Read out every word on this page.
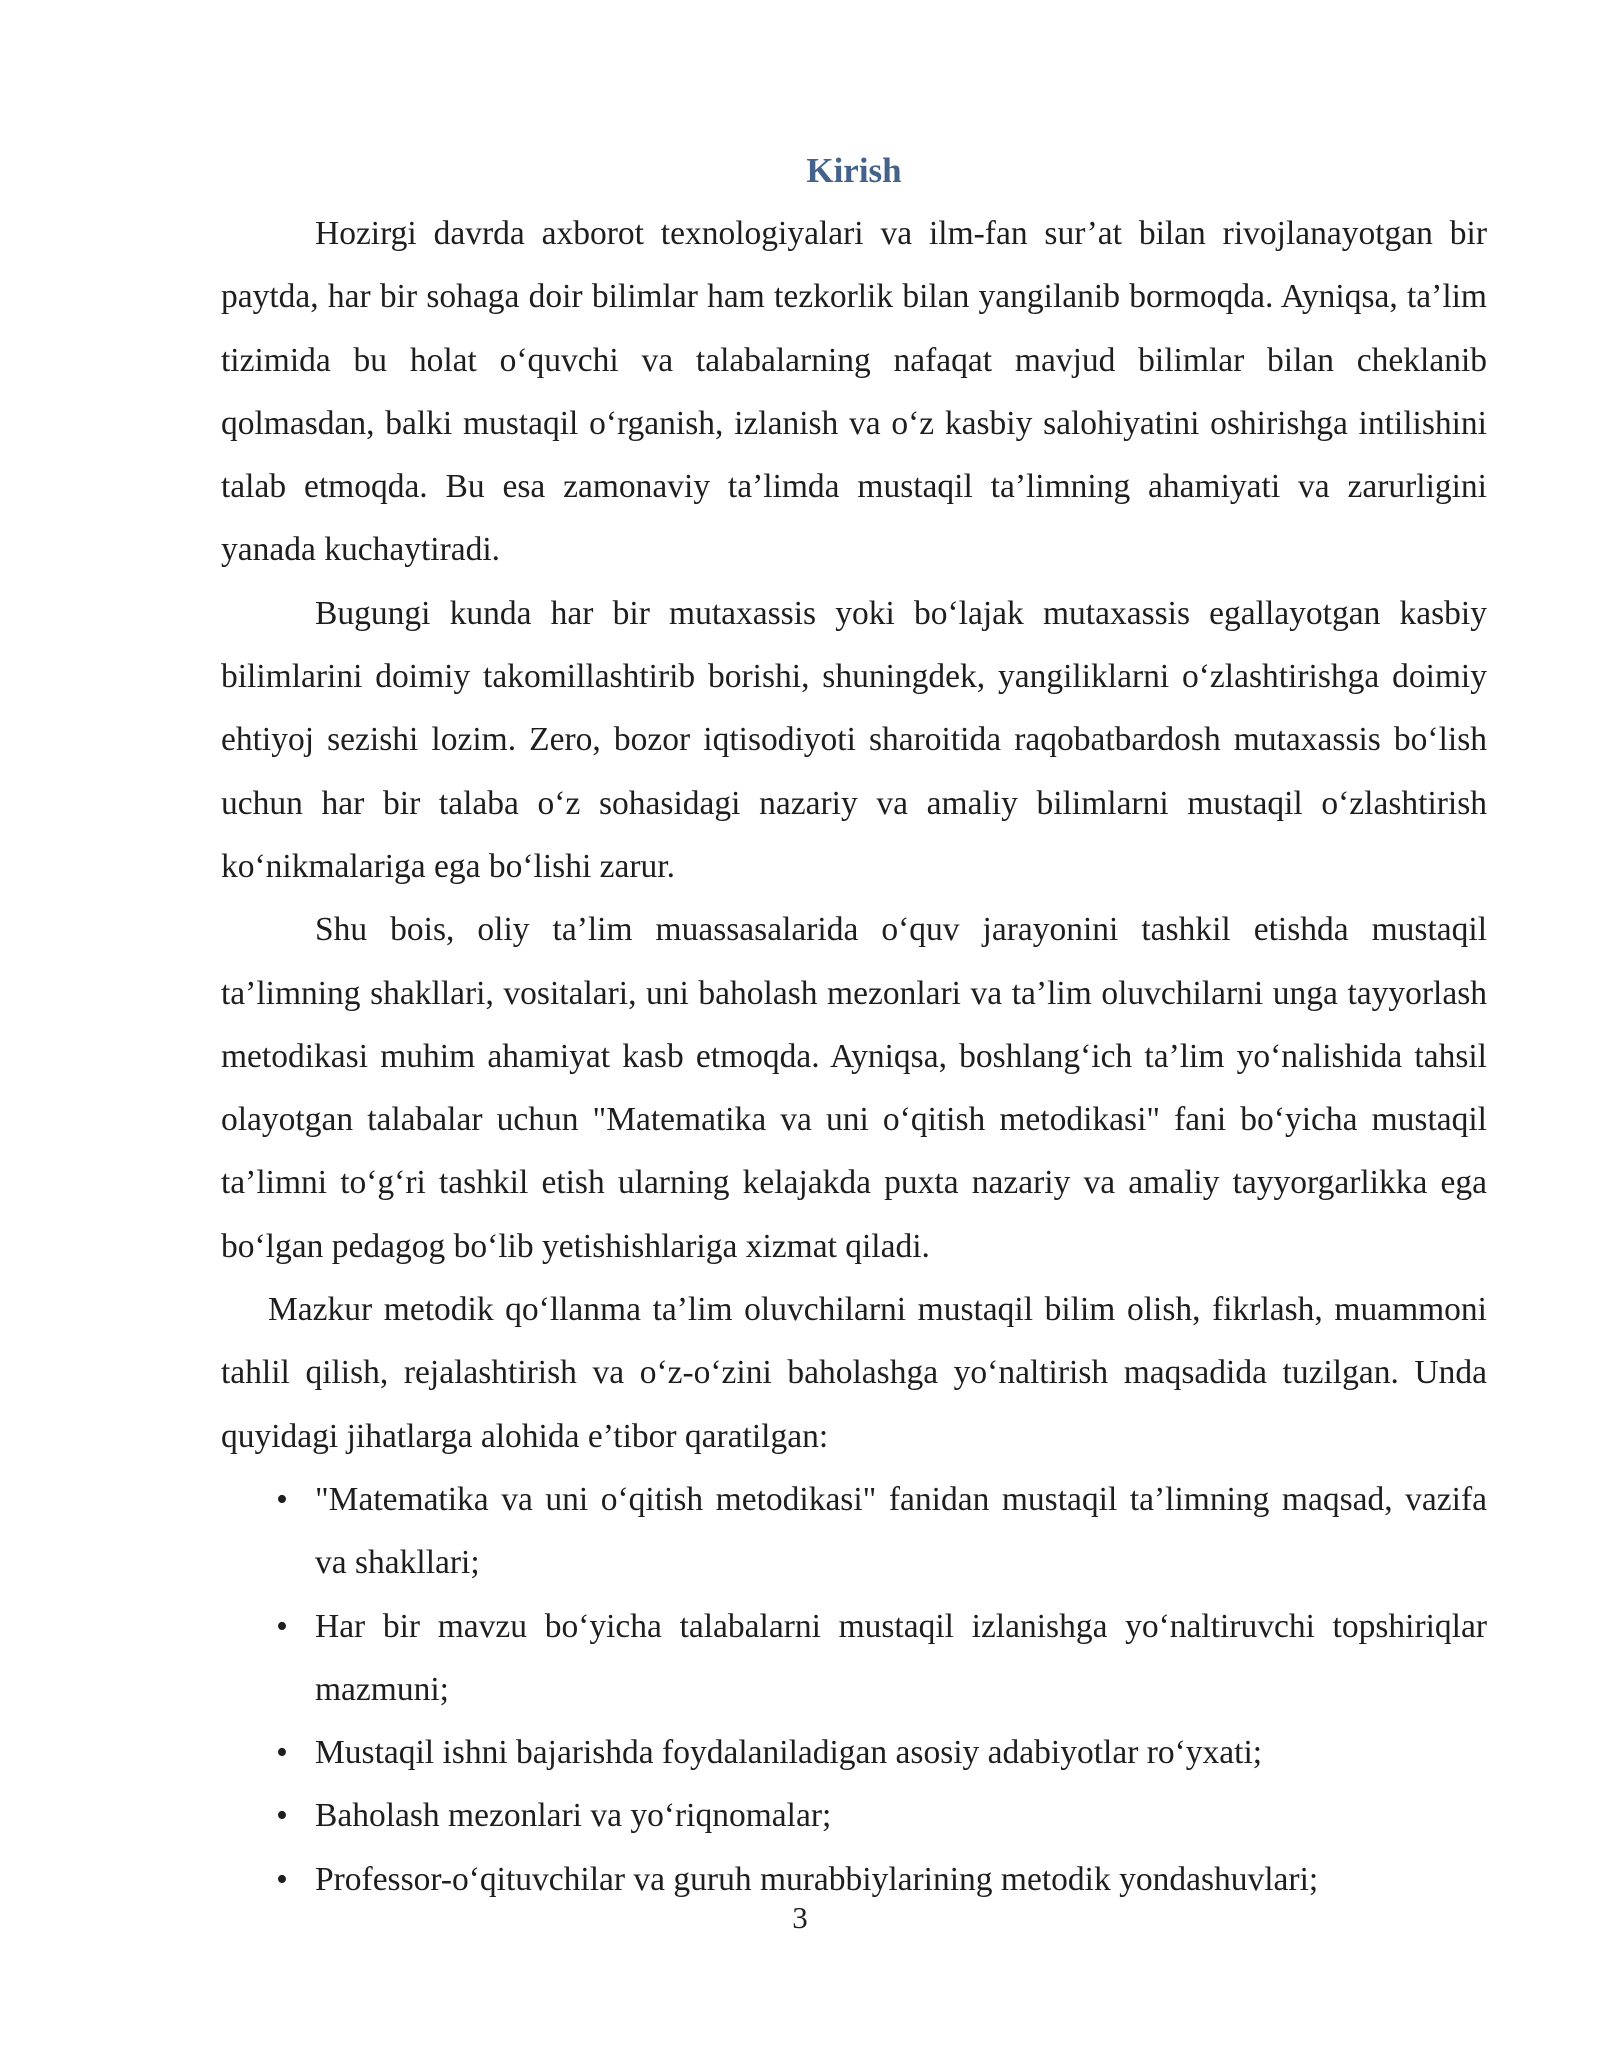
Kirish

Hozirgi davrda axborot texnologiyalari va ilm-fan sur’at bilan rivojlanayotgan bir paytda, har bir sohaga doir bilimlar ham tezkorlik bilan yangilanib bormoqda. Ayniqsa, ta’lim tizimida bu holat o‘quvchi va talabalarning nafaqat mavjud bilimlar bilan cheklanib qolmasdan, balki mustaqil o‘rganish, izlanish va o‘z kasbiy salohiyatini oshirishga intilishini talab etmoqda. Bu esa zamonaviy ta’limda mustaqil ta’limning ahamiyati va zarurligini yanada kuchaytiradi.

Bugungi kunda har bir mutaxassis yoki bo‘lajak mutaxassis egallayotgan kasbiy bilimlarini doimiy takomillashtirib borishi, shuningdek, yangiliklarni o‘zlashtirishga doimiy ehtiyoj sezishi lozim. Zero, bozor iqtisodiyoti sharoitida raqobatbardosh mutaxassis bo‘lish uchun har bir talaba o‘z sohasidagi nazariy va amaliy bilimlarni mustaqil o‘zlashtirish ko‘nikmalariga ega bo‘lishi zarur.

Shu bois, oliy ta’lim muassasalarida o‘quv jarayonini tashkil etishda mustaqil ta’limning shakllari, vositalari, uni baholash mezonlari va ta’lim oluvchilarni unga tayyorlash metodikasi muhim ahamiyat kasb etmoqda. Ayniqsa, boshlang‘ich ta’lim yo‘nalishida tahsil olayotgan talabalar uchun "Matematika va uni o‘qitish metodikasi" fani bo‘yicha mustaqil ta’limni to‘g‘ri tashkil etish ularning kelajakda puxta nazariy va amaliy tayyorgarlikka ega bo‘lgan pedagog bo‘lib yetishishlariga xizmat qiladi.

Mazkur metodik qo‘llanma ta’lim oluvchilarni mustaqil bilim olish, fikrlash, muammoni tahlil qilish, rejalashtirish va o‘z-o‘zini baholashga yo‘naltirish maqsadida tuzilgan. Unda quyidagi jihatlarga alohida e’tibor qaratilgan:

• "Matematika va uni o‘qitish metodikasi" fanidan mustaqil ta’limning maqsad, vazifa va shakllari;
• Har bir mavzu bo‘yicha talabalarni mustaqil izlanishga yo‘naltiruvchi topshiriqlar mazmuni;
• Mustaqil ishni bajarishda foydalaniladigan asosiy adabiyotlar ro‘yxati;
• Baholash mezonlari va yo‘riqnomalar;
• Professor-o‘qituvchilar va guruh murabbiylarining metodik yondashuvlari;
3
